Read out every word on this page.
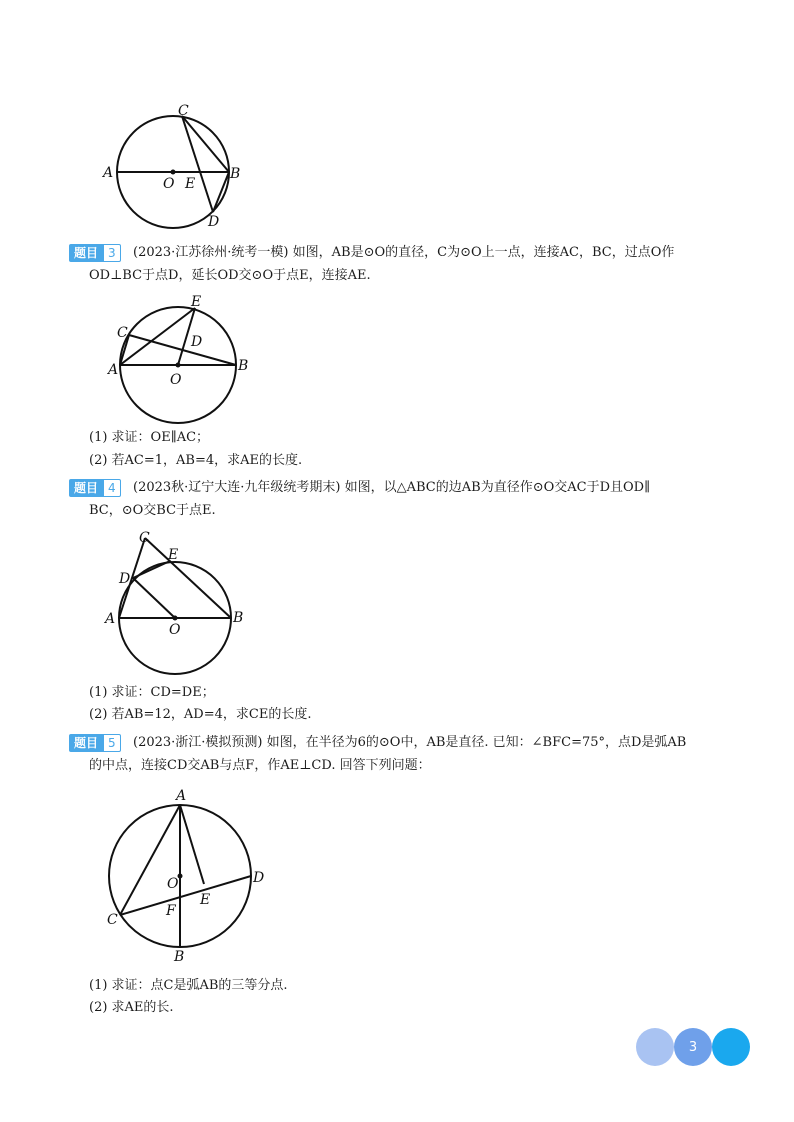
A	B
C
D
O E
题目 3	(2023·江苏徐州·统考一模) 如图，AB是⊙O的直径，C为⊙O上一点，连接AC，BC，过点O作
OD⊥BC于点D，延长OD交⊙O于点E，连接AE.
A	B
C
D
E
O
(1) 求证：OE∥AC；
(2) 若AC=1，AB=4，求AE的长度.
题目 4	(2023秋·辽宁大连·九年级统考期末) 如图，以△ABC的边AB为直径作⊙O交AC于D且OD∥
BC，⊙O交BC于点E.
A	B
C
D
E
O
(1) 求证：CD=DE；
(2) 若AB=12，AD=4，求CE的长度.
题目 5	(2023·浙江·模拟预测) 如图，在半径为6的⊙O中，AB是直径. 已知：∠BFC=75°，点D是弧AB
的中点，连接CD交AB与点F，作AE⊥CD. 回答下列问题：
A
B
C
D
E
F
O
(1) 求证：点C是弧AB的三等分点.
(2) 求AE的长.
3
